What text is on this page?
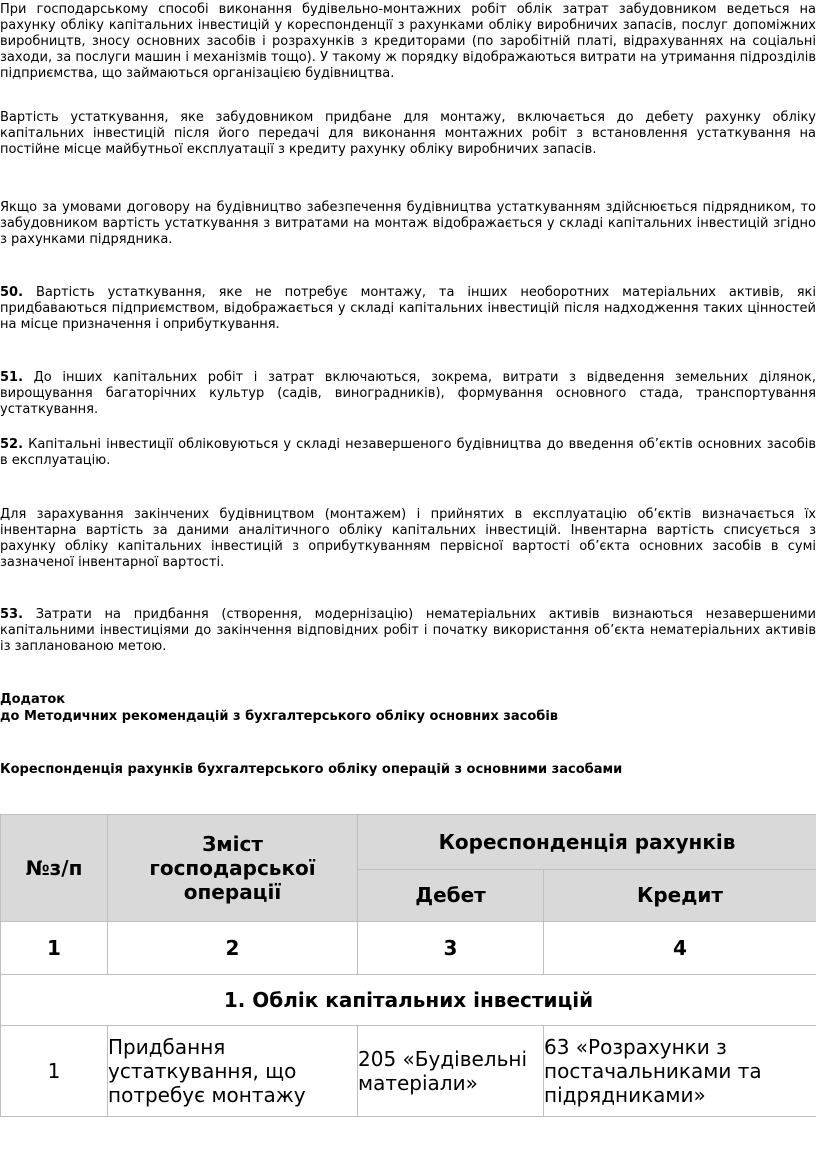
При господарському способі виконання будівельно-монтажних робіт облік затрат забудовником ведеться на рахунку обліку капітальних інвестицій у кореспонденції з рахунками обліку виробничих запасів, послуг допоміжних виробництв, зносу основних засобів і розрахунків з кредиторами (по заробітній платі, відрахуваннях на соціальні заходи, за послуги машин і механізмів тощо). У такому ж порядку відображаються витрати на утримання підрозділів підприємства, що займаються організацією будівництва.

Вартість устаткування, яке забудовником придбане для монтажу, включається до дебету рахунку обліку капітальних інвестицій після його передачі для виконання монтажних робіт з встановлення устаткування на постійне місце майбутньої експлуатації з кредиту рахунку обліку виробничих запасів.

Якщо за умовами договору на будівництво забезпечення будівництва устаткуванням здійснюється підрядником, то забудовником вартість устаткування з витратами на монтаж відображається у складі капітальних інвестицій згідно з рахунками підрядника.

50. Вартість устаткування, яке не потребує монтажу, та інших необоротних матеріальних активів, які придбаваються підприємством, відображається у складі капітальних інвестицій після надходження таких цінностей на місце призначення і оприбуткування.

51. До інших капітальних робіт і затрат включаються, зокрема, витрати з відведення земельних ділянок, вирощування багаторічних культур (садів, виноградників), формування основного стада, транспортування устаткування.

52. Капітальні інвестиції обліковуються у складі незавершеного будівництва до введення об’єктів основних засобів в експлуатацію.

Для зарахування закінчених будівництвом (монтажем) і прийнятих в експлуатацію об’єктів визначається їх інвентарна вартість за даними аналітичного обліку капітальних інвестицій. Інвентарна вартість списується з рахунку обліку капітальних інвестицій з оприбуткуванням первісної вартості об’єкта основних засобів в сумі зазначеної інвентарної вартості.

53. Затрати на придбання (створення, модернізацію) нематеріальних активів визнаються незавершеними капітальними інвестиціями до закінчення відповідних робіт і початку використання об’єкта нематеріальних активів із запланованою метою.

Додаток

до Методичних рекомендацій з бухгалтерського обліку основних засобів

Кореспонденція рахунків бухгалтерського обліку операцій з основними засобами

№з/п	Зміст господарської операції	Кореспонденція рахунків	
		Дебет	Кредит
1	2	3	4
1. Облік капітальних інвестицій			
1	Придбання устаткування, що потребує монтажу	205 «Будівельні матеріали»	63 «Розрахунки з постачальниками та підрядниками»
